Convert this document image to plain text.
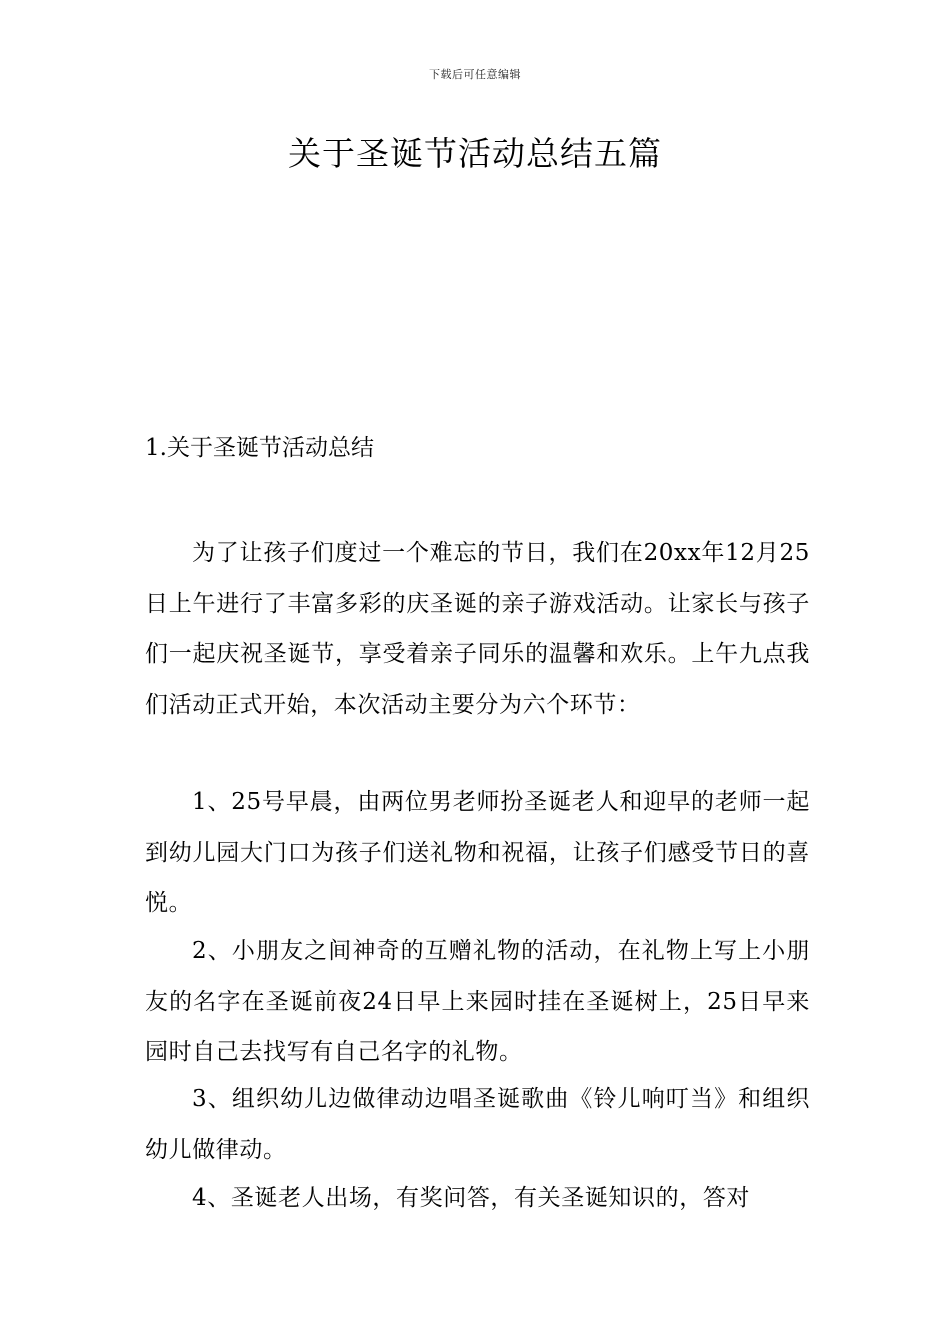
下载后可任意编辑
关于圣诞节活动总结五篇
1.关于圣诞节活动总结
为了让孩子们度过一个难忘的节日，我们在20xx年12月25日上午进行了丰富多彩的庆圣诞的亲子游戏活动。让家长与孩子们一起庆祝圣诞节，享受着亲子同乐的温馨和欢乐。上午九点我们活动正式开始，本次活动主要分为六个环节：
1、25号早晨，由两位男老师扮圣诞老人和迎早的老师一起到幼儿园大门口为孩子们送礼物和祝福，让孩子们感受节日的喜悦。
2、小朋友之间神奇的互赠礼物的活动，在礼物上写上小朋友的名字在圣诞前夜24日早上来园时挂在圣诞树上，25日早来园时自己去找写有自己名字的礼物。
3、组织幼儿边做律动边唱圣诞歌曲《铃儿响叮当》和组织幼儿做律动。
4、圣诞老人出场，有奖问答，有关圣诞知识的，答对
